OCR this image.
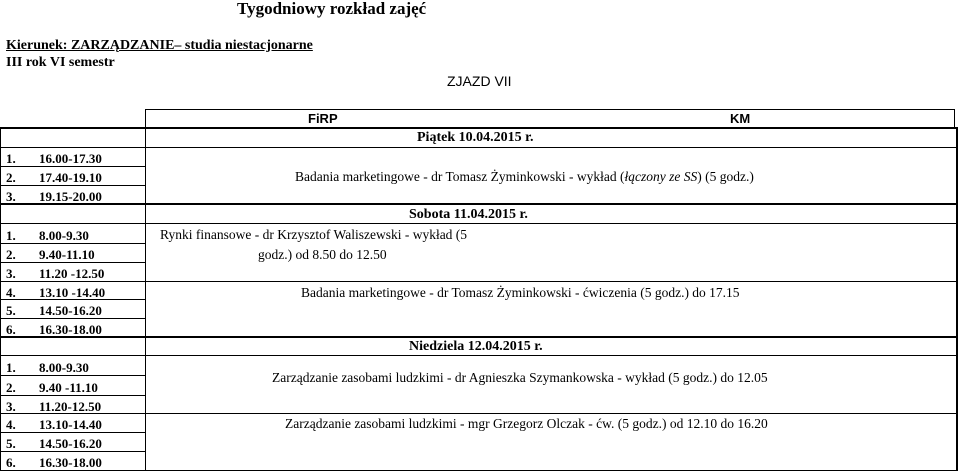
Tygodniowy rozkład zajęć
Kierunek: ZARZĄDZANIE– studia niestacjonarne
III rok VI semestr
ZJAZD VII
FiRP	KM
Piątek 10.04.2015 r.
1. 16.00-17.30
2. 17.40-19.10
3. 19.15-20.00
Badania marketingowe - dr Tomasz Żyminkowski - wykład (łączony ze SS) (5 godz.)
Sobota 11.04.2015 r.
1. 8.00-9.30
2. 9.40-11.10
3. 11.20 -12.50
4. 13.10 -14.40
5. 14.50-16.20
6. 16.30-18.00
Rynki finansowe - dr Krzysztof Waliszewski - wykład (5
godz.) od 8.50 do 12.50
Badania marketingowe - dr Tomasz Żyminkowski - ćwiczenia (5 godz.) do 17.15
Niedziela 12.04.2015 r.
1. 8.00-9.30
2. 9.40 -11.10
3. 11.20-12.50
4. 13.10-14.40
5. 14.50-16.20
6. 16.30-18.00
Zarządzanie zasobami ludzkimi - dr Agnieszka Szymankowska - wykład (5 godz.) do 12.05
Zarządzanie zasobami ludzkimi - mgr Grzegorz Olczak - ćw. (5 godz.) od 12.10 do 16.20
